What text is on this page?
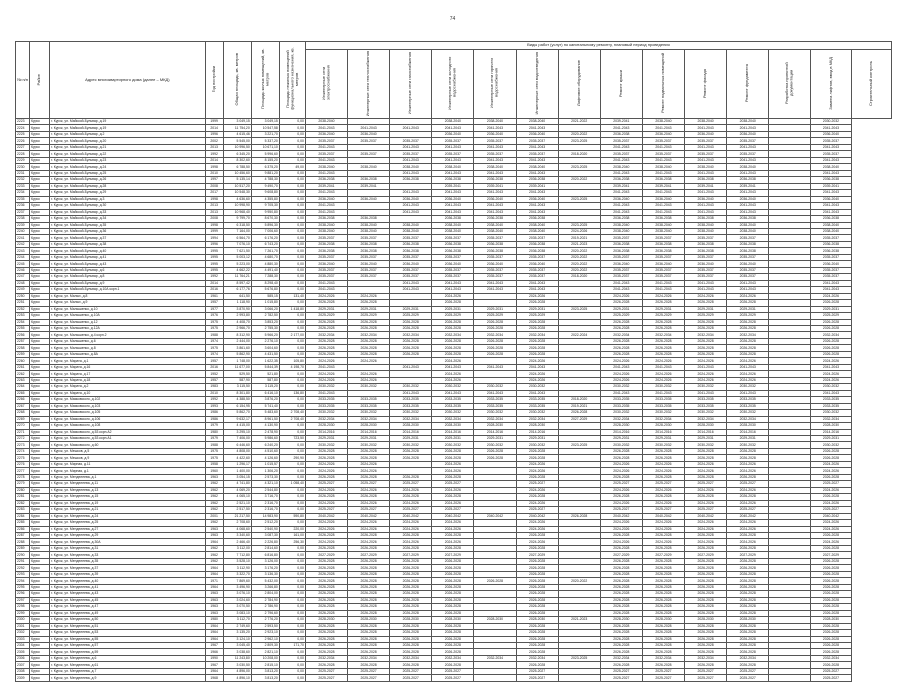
74
№ п/п	Район	Адрес многоквартирного дома (далее – МКД)	Год постройки	Общая площадь, кв. метров	Площадь жилых помещений, кв. метров	Площадь нежилых помещений функционального назначения, кв. метров	Виды работ (услуг) по капитальному ремонту, плановый период проведения													
							Инженерные сети электроснабжения	Инженерные сети теплоснабжения	Инженерные сети газоснабжения	Инженерные сети холодного водоснабжения	Инженерные сети горячего водоснабжения	Инженерные сети водоотведения	Лифтовое оборудование	Ремонт крыши	Ремонт подвальных помещений	Ремонт фасада	Ремонт фундамента	Разработка проектной документации	Замена лифтов, ввод в МКД	Строительный контроль
2223	Курск	г. Курск, ул. Майской-Бульвар, д.19	1999	3 049,15	3 049,15	0,00	2038-2040			2038-2040	2038-2040	2038-2040	2021-2022	2039-2041	2038-2040	2038-2040	2038-2040		2030-2032	
2224	Курск	г. Курск, ул. Майской-Бульвар, д.19	2014	11 754,20	10 547,58	0,00	2041-2043	2041-2043	2041-2043	2041-2043	2041-2043	2041-2043		2041-2043	2041-2043	2041-2043	2041-2043		2041-2043	
2225	Курск	г. Курск, ул. Майской-Бульвар, д.2	1996	4 615,46	3 221,70	0,00	2036-2040	2036-2040		2036-2040	2036-2040	2036-2040	2020-2022	2036-2038	2036-2040	2036-2040	2036-2040		2036-2040	
2226	Курск	г. Курск, ул. Майской-Бульвар, д.20	2002	5 545,00	5 337,20	0,00	2035-2037	2035-2037	2035-2037	2035-2037	2035-2037	2035-2037	2023-2025	2035-2037	2035-2037	2035-2037	2035-2037		2035-2037	
2227	Курск	г. Курск, ул. Майской-Бульвар, д.21	2013	10 996,50	10 671,10	0,00	2041-2043		2041-2043	2041-2043	2041-2043	2041-2043		2041-2043	2041-2043	2041-2043	2041-2043		2041-2043	
2228	Курск	г. Курск, ул. Майской-Бульвар, д.22	1992	6 345,20	5 996,60	0,00	2035-2037	2035-2037	2035-2037	2035-2037	2035-2037	2035-2037	2018-2020	2035-2037	2035-2037	2035-2037	2035-2037		2035-2037	
2229	Курск	г. Курск, ул. Майской-Бульвар, д.23	2014	8 302,60	8 155,20	0,00	2041-2043		2041-2043	2041-2043	2041-2043	2041-2043		2041-2043	2041-2043	2041-2043	2041-2043		2041-2043	
2230	Курск	г. Курск, ул. Майской-Бульвар, д.24	1998	6 788,50	6 375,20	49,00	2038-2040	2038-2040	2038-2040	2038-2040	2038-2040	2038-2040	2023-2025	2038-2040	2038-2040	2038-2040	2038-2040		2038-2040	
2231	Курск	г. Курск, ул. Майской-Бульвар, д.25	2010	10 456,60	9 881,20	0,00	2041-2043		2041-2043	2041-2043	2041-2043	2041-2043		2041-2043	2041-2043	2041-2043	2041-2043		2041-2043	
2232	Курск	г. Курск, ул. Майской-Бульвар, д.26	1997	5 135,14	4 788,30	0,00	2036-2038	2036-2038	2036-2038	2036-2038	2036-2038	2036-2038	2020-2022	2036-2038	2036-2038	2036-2038	2036-2038		2036-2038	
2233	Курск	г. Курск, ул. Майской-Бульвар, д.28	2008	10 517,20	9 490,70	0,00	2039-2041	2039-2041		2039-2041	2039-2041	2039-2041		2039-2041	2039-2041	2039-2041	2039-2041		2039-2041	
2234	Курск	г. Курск, ул. Майской-Бульвар, д.29	2017	10 548,30	9 608,80	0,00	2041-2043		2041-2043	2041-2043	2041-2043	2041-2043		2041-2043	2041-2043	2041-2043	2041-2043		2041-2043	
2235	Курск	г. Курск, ул. Майской-Бульвар, д.3	1998	4 636,60	4 355,80	0,00	2036-2040	2036-2040	2036-2040	2036-2040	2036-2040	2036-2040	2023-2025	2036-2040	2036-2040	2036-2040	2036-2040		2036-2040	
2236	Курск	г. Курск, ул. Майской-Бульвар, д.30	2013	10 998,90	9 705,30	0,00	2041-2043		2041-2043	2041-2043	2041-2043	2041-2043		2041-2043	2041-2043	2041-2043	2041-2043		2041-2043	
2237	Курск	г. Курск, ул. Майской-Бульвар, д.33	2013	10 968,40	9 950,80	0,00	2041-2043		2041-2043	2041-2043	2041-2043	2041-2043		2041-2043	2041-2043	2041-2043	2041-2043		2041-2043	
2238	Курск	г. Курск, ул. Майской-Бульвар, д.34	2008	9 799,70	8 670,30	0,00	2036-2038	2036-2038		2036-2038	2036-2038	2036-2038		2036-2038	2036-2038	2036-2038	2036-2038		2036-2038	
2239	Курск	г. Курск, ул. Майской-Бульвар, д.35	1998	6 318,50	5 896,30	0,00	2038-2040	2038-2040	2038-2040	2038-2040	2038-2040	2038-2040	2023-2025	2038-2040	2038-2040	2038-2040	2038-2040		2038-2040	
2240	Курск	г. Курск, ул. Майской-Бульвар, д.36	1999	7 164,00	7 006,60	0,00	2038-2040	2038-2040	2038-2040	2038-2040	2038-2040	2038-2040	2024-2026	2038-2040	2038-2040	2038-2040	2038-2040		2038-2040	
2241	Курск	г. Курск, ул. Майской-Бульвар, д.37	1994	6 564,70	6 176,20	0,00	2035-2037	2035-2037	2035-2037	2035-2037	2035-2037	2035-2037	2019-2021	2035-2037	2035-2037	2035-2037	2035-2037		2035-2037	
2242	Курск	г. Курск, ул. Майской-Бульвар, д.38	1996	7 076,10	6 743,20	0,00	2036-2038	2036-2038	2036-2038	2036-2038	2036-2038	2036-2038	2021-2023	2036-2038	2036-2038	2036-2038	2036-2038		2036-2038	
2243	Курск	г. Курск, ул. Майской-Бульвар, д.40	1995	7 621,50	7 261,70	0,00	2036-2038	2036-2038	2036-2038	2036-2038	2036-2038	2036-2038	2020-2022	2036-2038	2036-2038	2036-2038	2036-2038		2036-2038	
2244	Курск	г. Курск, ул. Майской-Бульвар, д.41	1995	5 003,12	4 680,70	0,00	2035-2037	2035-2037	2035-2037	2035-2037	2035-2037	2035-2037	2020-2022	2035-2037	2035-2037	2035-2037	2035-2037		2035-2037	
2245	Курск	г. Курск, ул. Майской-Бульвар, д.43	1995	5 223,00	4 880,30	0,00	2036-2040	2036-2040	2036-2040	2036-2040	2036-2040	2036-2040	2020-2022	2036-2040	2036-2040	2036-2040	2036-2040		2036-2040	
2246	Курск	г. Курск, ул. Майской-Бульвар, д.6	1995	4 662,22	4 491,40	0,00	2035-2037	2035-2037	2035-2037	2035-2037	2035-2037	2035-2037	2020-2022	2035-2037	2035-2037	2035-2037	2035-2037		2035-2037	
2247	Курск	г. Курск, ул. Майской-Бульвар, д.8	1992	11 764,21	7 288,30	0,00	2035-2037	2035-2037	2035-2037	2035-2037	2035-2037	2035-2037	2018-2020	2035-2037	2035-2037	2035-2037	2035-2037		2035-2037	
2248	Курск	г. Курск, ул. Майской-Бульвар, д.9	2014	8 597,42	8 298,40	0,00	2041-2043		2041-2043	2041-2043	2041-2043	2041-2043		2041-2043	2041-2043	2041-2043	2041-2043		2041-2043	
2249	Курск	г. Курск, ул. Майской-Бульвар, д.10А корп.1	2016	6 177,76	5 676,80	0,00	2041-2043		2041-2043	2041-2043	2041-2043	2041-2043		2041-2043	2041-2043	2041-2043	2041-2043		2041-2043	
2250	Курск	г. Курск, ул. Малых, д.8	1961	641,50	585,15	131,40	2024-2026	2024-2026		2024-2026		2024-2026		2024-2026	2024-2026	2024-2026	2024-2026		2024-2026	
2251	Курск	г. Курск, ул. Малых, д.9	1957	1 118,90	1 015,80	0,00	2026-2028	2026-2028		2026-2028		2026-2028		2026-2028	2026-2028	2026-2028	2026-2028		2026-2028	
2252	Курск	г. Курск, ул. Малышенко, д.10	1977	3 870,90	3 066,20	1 418,80	2029-2031	2029-2031	2029-2031	2029-2031	2029-2031	2029-2031	2023-2025	2029-2031	2029-2031	2029-2031	2029-2031		2029-2031	
2253	Курск	г. Курск, ул. Малышенко, д.10А	1976	2 993,80	2 782,50	0,00	2025-2029	2025-2029	2025-2029	2025-2029	2025-2029	2025-2029		2025-2029	2025-2029	2025-2029	2025-2029		2025-2029	
2254	Курск	г. Курск, ул. Малышенко, д.12	1975	4 408,70	3 853,20	0,00	2026-2028	2026-2028	2026-2028	2026-2028	2026-2028	2026-2028		2026-2028	2026-2028	2026-2028	2026-2028		2026-2028	
2255	Курск	г. Курск, ул. Малышенко, д.12А	1975	2 966,70	2 755,30	0,00	2026-2028	2026-2028	2026-2028	2026-2028	2026-2028	2026-2028		2026-2028	2026-2028	2026-2028	2026-2028		2026-2028	
2256	Курск	г. Курск, ул. Малышенко, д.4 корп.2	1988	8 312,90	5 966,20	2 177,00	2032-2034	2032-2034	2032-2034	2032-2034	2032-2034	2032-2034	2022-2024	2032-2034	2032-2034	2032-2034	2032-2034		2032-2034	
2257	Курск	г. Курск, ул. Малышенко, д.6	1974	2 444,00	2 276,10	0,00	2026-2028	2026-2028	2026-2028	2026-2028	2026-2028	2026-2028		2026-2028	2026-2028	2026-2028	2026-2028		2026-2028	
2258	Курск	г. Курск, ул. Малышенко, д.8	1975	3 861,60	3 604,60	0,00	2026-2028	2026-2028	2026-2028	2026-2028	2026-2028	2026-2028		2026-2028	2026-2028	2026-2028	2026-2028		2026-2028	
2259	Курск	г. Курск, ул. Малышенко, д.8А	1974	5 862,90	4 431,50	0,00	2026-2028	2026-2028	2026-2028	2026-2028	2026-2028	2026-2028		2026-2028	2026-2028	2026-2028	2026-2028		2026-2028	
2260	Курск	г. Курск, ул. Марата, д.1	1957	1 748,00	1 622,35	105,80	2024-2026	2024-2026		2024-2026		2024-2026		2024-2026	2024-2026	2024-2026	2024-2026		2024-2026	
2261	Курск	г. Курск, ул. Марата, д.16	2016	11 677,00	5 844,39	4 198,70	2041-2043		2041-2043	2041-2043	2041-2043	2041-2043		2041-2043	2041-2043	2041-2043	2041-2043		2041-2043	
2262	Курск	г. Курск, ул. Марата, д.17	1952	529,50	521,80	0,00	2024-2026	2024-2026		2024-2026		2024-2026		2024-2026	2024-2026	2024-2026	2024-2026		2024-2026	
2263	Курск	г. Курск, ул. Марата, д.18	1957	587,90	587,80	0,00	2024-2026	2024-2026		2024-2026		2024-2026		2024-2026	2024-2026	2024-2026	2024-2026		2024-2026	
2264	Курск	г. Курск, ул. Марата, д.2	1983	3 115,50	3 115,20	0,00	2030-2032	2030-2032	2030-2032	2030-2032	2030-2032	2030-2032		2030-2032	2030-2032	2030-2032	2030-2032		2030-2032	
2265	Курск	г. Курск, ул. Марата, д.10	2010	8 301,80	6 416,10	136,80	2041-2043		2041-2043	2041-2043	2041-2043	2041-2043		2041-2043	2041-2043	2041-2043	2041-2043		2041-2043	
2266	Курск	г. Курск, ул. Маяковского, д.102	1992	4 388,50	3 876,20	0,00	2033-2035	2033-2035	2033-2035	2033-2035	2033-2035	2033-2035	2018-2020	2033-2035	2033-2035	2033-2035	2033-2035		2033-2035	
2267	Курск	г. Курск, ул. Маяковского, д.103	1993	6 154,95	5 741,40	0,00	2033-2035	2033-2035	2033-2035	2033-2035	2033-2035	2033-2035	2019-2021	2033-2035	2033-2035	2033-2035	2033-2035		2033-2035	
2268	Курск	г. Курск, ул. Маяковского, д.105	1986	5 862,70	5 483,60	2 708,40	2030-2032	2030-2032	2030-2032	2030-2032	2030-2032	2030-2032	2026-2028	2030-2032	2030-2032	2030-2032	2030-2032		2030-2032	
2269	Курск	г. Курск, ул. Маяковского, д.106	1986	9 632,17	8 961,50	2 708,40	2032-2034	2032-2034	2032-2034	2032-2034	2032-2034	2032-2034	2027-2029	2032-2034	2032-2034	2032-2034	2032-2034		2032-2034	
2270	Курск	г. Курск, ул. Маяковского, д.108	1979	4 415,00	4 130,90	0,00	2028-2030	2028-2030	2028-2030	2028-2030	2028-2030	2028-2030		2028-2030	2028-2030	2028-2030	2028-2030		2028-2030	
2271	Курск	г. Курск, ул. Маяковского, д.53 корп.А2	1980	3 295,10	2 478,90	0,00	2014-2016	2014-2016	2014-2016	2014-2016	2014-2016	2014-2016		2014-2016	2014-2016	2014-2016	2014-2016		2014-2016	
2272	Курск	г. Курск, ул. Маяковского, д.53 корп.А1	1979	7 406,00	5 986,60	723,50	2029-2031	2029-2031	2029-2031	2029-2031	2029-2031	2029-2031		2029-2031	2029-2031	2029-2031	2029-2031		2029-2031	
2273	Курск	г. Курск, ул. Маяковского, д.60	1988	6 446,60	6 240,20	0,00	2030-2032	2030-2032	2030-2032	2030-2032	2030-2032	2030-2032	2023-2025	2030-2032	2030-2032	2030-2032	2030-2032		2030-2032	
2274	Курск	г. Курск, ул. Мешков, д.5	1975	4 808,00	4 510,60	0,00	2026-2028	2026-2028	2026-2028	2026-2028	2026-2028	2026-2028		2026-2028	2026-2028	2026-2028	2026-2028		2026-2028	
2275	Курск	г. Курск, ул. Мешков, д.9	1975	4 422,60	4 126,60	290,90	2026-2028	2026-2028	2026-2028	2026-2028	2026-2028	2026-2028		2026-2028	2026-2028	2026-2028	2026-2028		2026-2028	
2276	Курск	г. Курск, ул. Мирная, д.11	1958	1 296,17	1 015,57	0,00	2024-2026	2024-2026		2024-2026		2024-2026		2024-2026	2024-2026	2024-2026	2024-2026		2024-2026	
2277	Курск	г. Курск, ул. Мирная, д.1	1960	1 400,00	1 306,20	0,00	2024-2026	2024-2026		2024-2026		2024-2026		2024-2026	2024-2026	2024-2026	2024-2026		2024-2026	
2278	Курск	г. Курск, ул. Менделеева, д.1	1963	3 054,15	2 573,30	0,00	2026-2028	2026-2028	2026-2028	2026-2028		2026-2028		2026-2028	2026-2028	2026-2028	2026-2028		2026-2028	
2279	Курск	г. Курск, ул. Менделеева, д.11	1962	4 741,80	4 321,10	1 058,40	2025-2027	2025-2027	2025-2027	2025-2027		2025-2027		2025-2027	2025-2027	2025-2027	2025-2027		2025-2027	
2280	Курск	г. Курск, ул. Менделеева, д.13	1962	4 069,20	2 544,80	0,00	2024-2026	2024-2026	2024-2026	2024-2026		2024-2026		2024-2026	2024-2026	2024-2026	2024-2026		2024-2026	
2281	Курск	г. Курск, ул. Менделеева, д.15	1962	4 065,10	3 716,70	0,00	2026-2028	2026-2028	2026-2028	2026-2028		2026-2028		2026-2028	2026-2028	2026-2028	2026-2028		2026-2028	
2282	Курск	г. Курск, ул. Менделеева, д.19	1962	2 521,10	2 316,70	0,00	2024-2026	2024-2026	2024-2026	2024-2026		2024-2026		2024-2026	2024-2026	2024-2026	2024-2026		2024-2026	
2283	Курск	г. Курск, ул. Менделеева, д.21	1962	2 517,50	2 316,70	0,00	2025-2027	2025-2027	2025-2027	2025-2027		2025-2027		2025-2027	2025-2027	2025-2027	2025-2027		2025-2027	
2284	Курск	г. Курск, ул. Менделеева, д.24	2001	21 217,50	14 983,90	590,80	2040-2042	2040-2042	2040-2042	2040-2042	2040-2042	2040-2042	2026-2028	2040-2042	2040-2042	2040-2042	2040-2042		2040-2042	
2285	Курск	г. Курск, ул. Менделеева, д.25	1962	2 708,60	2 512,20	0,00	2024-2026	2024-2026	2024-2026	2024-2026		2024-2026		2024-2026	2024-2026	2024-2026	2024-2026		2024-2026	
2286	Курск	г. Курск, ул. Менделеева, д.27	1963	4 068,60	2 540,90	220,00	2024-2026	2024-2026	2024-2026	2024-2026		2024-2026		2024-2026	2024-2026	2024-2026	2024-2026		2024-2026	
2287	Курск	г. Курск, ул. Менделеева, д.29	1963	3 340,60	3 087,30	161,00	2026-2028	2026-2028	2026-2028	2026-2028		2026-2028		2026-2028	2026-2028	2026-2028	2026-2028		2026-2028	
2288	Курск	г. Курск, ул. Менделеева, д.30А	1964	2 466,40	2 226,80	256,30	2024-2026	2024-2026	2024-2026	2024-2026		2024-2026		2024-2026	2024-2026	2024-2026	2024-2026		2024-2026	
2289	Курск	г. Курск, ул. Менделеева, д.31	1962	3 112,00	2 814,60	0,00	2026-2028	2026-2028	2026-2028	2026-2028		2026-2028		2026-2028	2026-2028	2026-2028	2026-2028		2026-2028	
2290	Курск	г. Курск, ул. Менделеева, д.33	1962	7 712,80	6 816,80	0,00	2027-2029	2027-2029	2027-2029	2027-2029		2027-2029		2027-2029	2027-2029	2027-2029	2027-2029		2027-2029	
2291	Курск	г. Курск, ул. Менделеева, д.35	1962	3 528,10	3 126,00	0,00	2026-2028	2026-2028	2026-2028	2026-2028		2026-2028		2026-2028	2026-2028	2026-2028	2026-2028		2026-2028	
2292	Курск	г. Курск, ул. Менделеева, д.37	1964	3 112,90	3 176,20	0,00	2026-2028	2026-2028	2026-2028	2026-2028		2026-2028		2026-2028	2026-2028	2026-2028	2026-2028		2026-2028	
2293	Курск	г. Курск, ул. Менделеева, д.39	1964	3 322,70	3 136,30	0,00	2026-2028	2026-2028	2026-2028	2026-2028		2026-2028		2026-2028	2026-2028	2026-2028	2026-2028		2026-2028	
2294	Курск	г. Курск, ул. Менделеева, д.40	1971	7 869,60	5 432,00	0,00	2026-2028	2026-2028	2026-2028	2026-2028	2026-2028	2026-2028	2020-2022	2026-2028	2026-2028	2026-2028	2026-2028		2026-2028	
2295	Курск	г. Курск, ул. Менделеева, д.41	1964	3 496,90	3 266,80	0,00	2026-2028	2026-2028	2026-2028	2026-2028		2026-2028		2026-2028	2026-2028	2026-2028	2026-2028		2026-2028	
2296	Курск	г. Курск, ул. Менделеева, д.43	1963	3 076,10	2 804,00	0,00	2026-2028	2026-2028	2026-2028	2026-2028		2026-2028		2026-2028	2026-2028	2026-2028	2026-2028		2026-2028	
2297	Курск	г. Курск, ул. Менделеева, д.45	1963	3 024,60	2 784,90	0,00	2026-2028	2026-2028	2026-2028	2026-2028		2026-2028		2026-2028	2026-2028	2026-2028	2026-2028		2026-2028	
2298	Курск	г. Курск, ул. Менделеева, д.47	1963	3 070,50	2 786,90	0,00	2026-2028	2026-2028	2026-2028	2026-2028		2026-2028		2026-2028	2026-2028	2026-2028	2026-2028		2026-2028	
2299	Курск	г. Курск, ул. Менделеева, д.49	1963	3 083,10	2 796,60	0,00	2026-2028	2026-2028	2026-2028	2026-2028		2026-2028		2026-2028	2026-2028	2026-2028	2026-2028		2026-2028	
2300	Курск	г. Курск, ул. Менделеева, д.50	1980	3 112,70	2 776,20	0,00	2028-2030	2028-2030	2028-2030	2028-2030	2028-2030	2028-2030	2021-2023	2028-2030	2028-2030	2028-2030	2028-2030		2028-2030	
2301	Курск	г. Курск, ул. Менделеева, д.51	1964	2 749,60	2 593,50	0,00	2026-2028	2026-2028	2026-2028	2026-2028		2026-2028		2026-2028	2026-2028	2026-2028	2026-2028		2026-2028	
2302	Курск	г. Курск, ул. Менделеева, д.53	1964	3 135,20	2 923,10	0,00	2026-2028	2026-2028	2026-2028	2026-2028		2026-2028		2026-2028	2026-2028	2026-2028	2026-2028		2026-2028	
2303	Курск	г. Курск, ул. Менделеева, д.55	1964	3 124,10	2 962,10	0,00	2026-2028	2026-2028	2026-2028	2026-2028		2026-2028		2026-2028	2026-2028	2026-2028	2026-2028		2026-2028	
2304	Курск	г. Курск, ул. Менделеева, д.57	1967	3 045,40	2 809,30	171,70	2026-2028	2026-2028	2026-2028	2026-2028		2026-2028		2026-2028	2026-2028	2026-2028	2026-2028		2026-2028	
2305	Курск	г. Курск, ул. Менделеева, д.59	1966	3 038,60	2 821,10	0,00	2026-2028	2026-2028	2026-2028	2026-2028		2026-2028		2026-2028	2026-2028	2026-2028	2026-2028		2026-2028	
2306	Курск	г. Курск, ул. Менделеева, д.6	1990	11 243,80	10 208,00	0,00	2032-2034	2032-2034	2032-2034	2032-2034	2032-2034	2032-2034	2023-2025	2032-2034	2032-2034	2032-2034	2032-2034		2032-2034	
2307	Курск	г. Курск, ул. Менделеева, д.61	1967	3 030,50	2 815,10	0,00	2026-2028	2026-2028	2026-2028	2026-2028		2026-2028		2026-2028	2026-2028	2026-2028	2026-2028		2026-2028	
2308	Курск	г. Курск, ул. Менделеева, д.7	1964	4 896,00	3 813,20	0,00	2025-2027	2025-2027	2025-2027	2025-2027		2025-2027		2025-2027	2025-2027	2025-2027	2025-2027		2025-2027	
2309	Курск	г. Курск, ул. Менделеева, д.9	1968	4 896,10	3 813,20	0,00	2025-2027	2025-2027	2025-2027	2025-2027		2025-2027		2025-2027	2025-2027	2025-2027	2025-2027		2025-2027	
